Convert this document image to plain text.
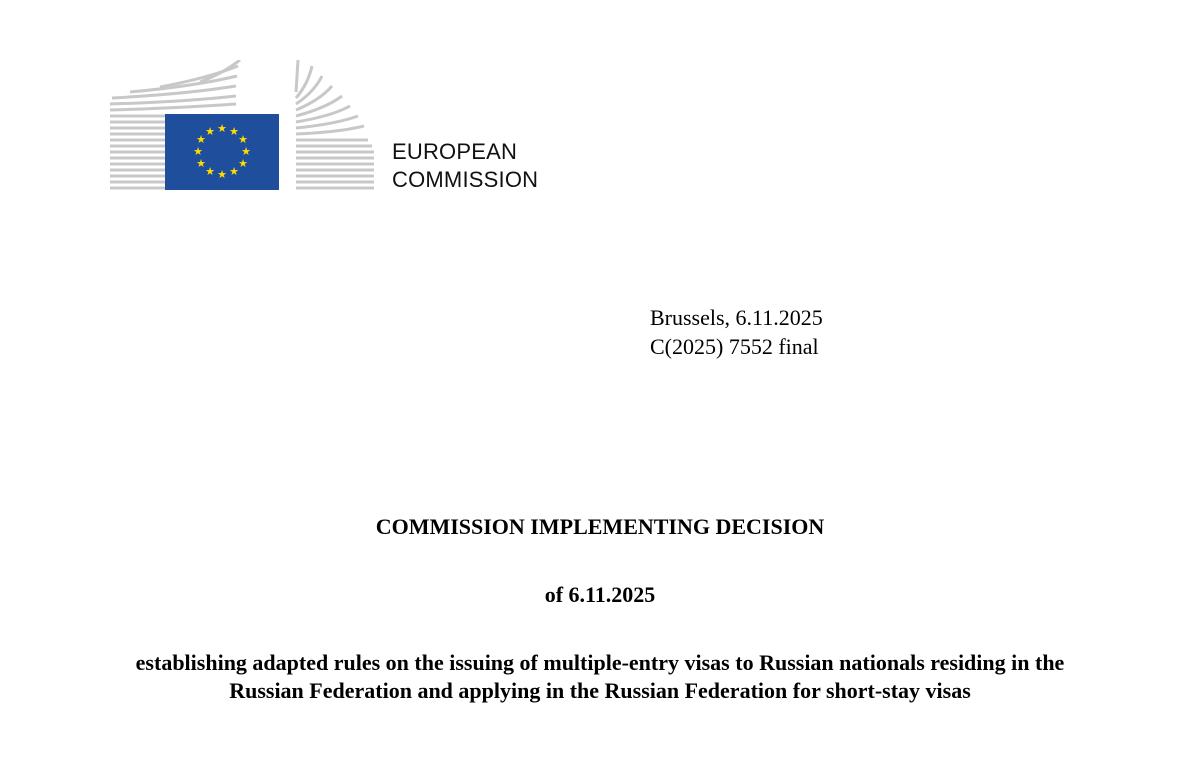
★ ★
★
★
★
★
★
★
★
★
★
★
EUROPEAN
COMMISSION
Brussels, 6.11.2025
C(2025) 7552 final
COMMISSION IMPLEMENTING DECISION
of 6.11.2025
establishing adapted rules on the issuing of multiple-entry visas to Russian nationals residing in the Russian Federation and applying in the Russian Federation for short-stay visas
